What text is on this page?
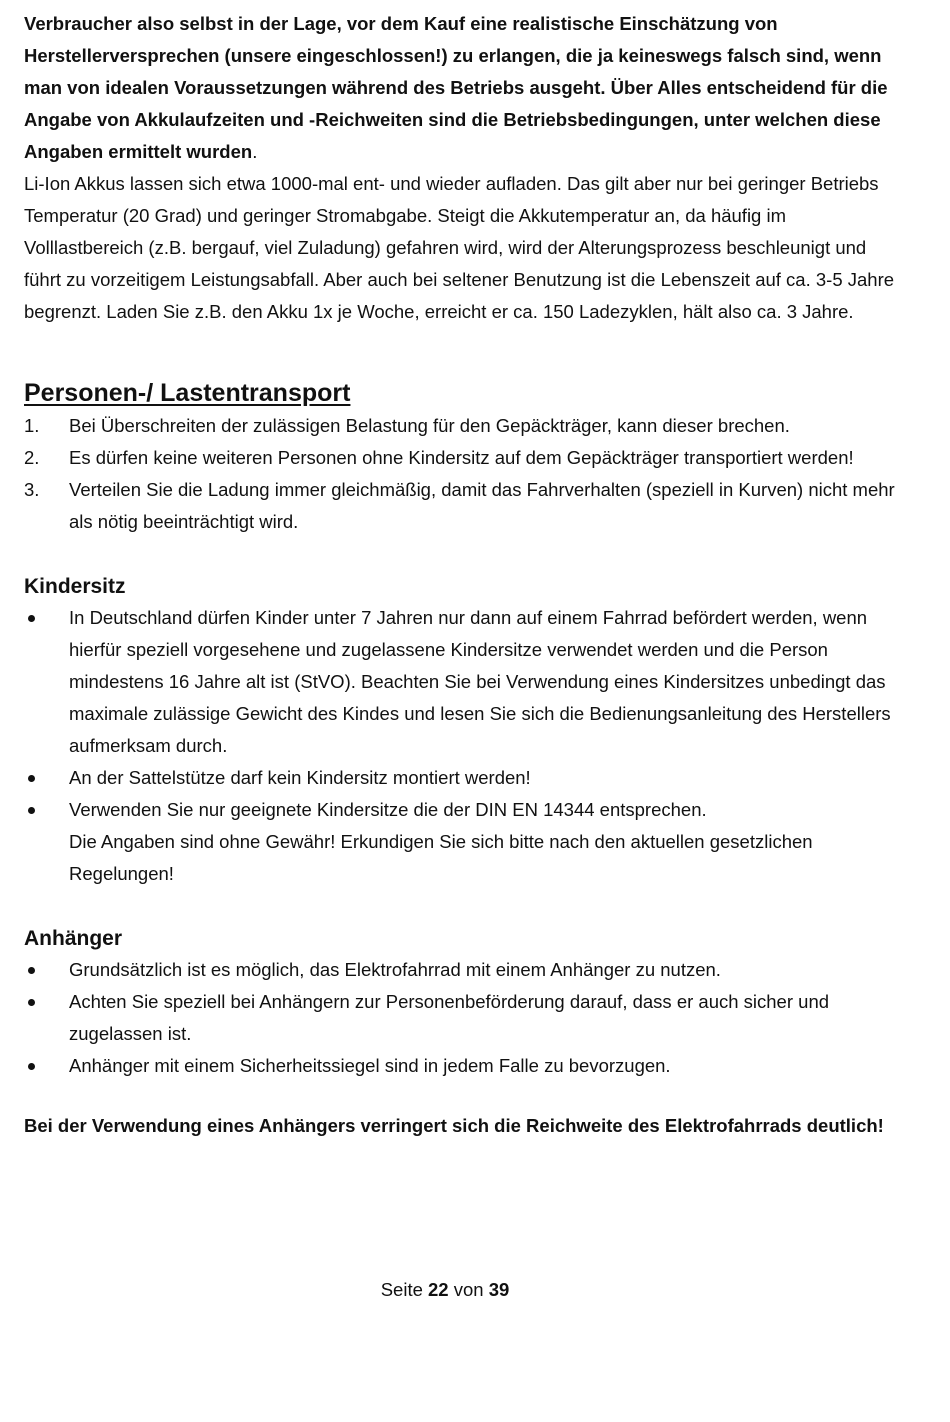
Verbraucher also selbst in der Lage, vor dem Kauf eine realistische Einschätzung von Herstellerversprechen (unsere eingeschlossen!) zu erlangen, die ja keineswegs falsch sind, wenn man von idealen Voraussetzungen während des Betriebs ausgeht. Über Alles entscheidend für die Angabe von Akkulaufzeiten und -Reichweiten sind die Betriebsbedingungen, unter welchen diese Angaben ermittelt wurden.
Li-Ion Akkus lassen sich etwa 1000-mal ent- und wieder aufladen. Das gilt aber nur bei geringer Betriebs Temperatur (20 Grad) und geringer Stromabgabe. Steigt die Akkutemperatur an, da häufig im Volllastbereich (z.B. bergauf, viel Zuladung) gefahren wird, wird der Alterungsprozess beschleunigt und führt zu vorzeitigem Leistungsabfall. Aber auch bei seltener Benutzung ist die Lebenszeit auf ca. 3-5 Jahre begrenzt. Laden Sie z.B. den Akku 1x je Woche, erreicht er ca. 150 Ladezyklen, hält also ca. 3 Jahre.

Personen-/ Lastentransport
1.	Bei Überschreiten der zulässigen Belastung für den Gepäckträger, kann dieser brechen.
2.	Es dürfen keine weiteren Personen ohne Kindersitz auf dem Gepäckträger transportiert werden!
3.	Verteilen Sie die Ladung immer gleichmäßig, damit das Fahrverhalten (speziell in Kurven) nicht mehr als nötig beeinträchtigt wird.
Kindersitz
In Deutschland dürfen Kinder unter 7 Jahren nur dann auf einem Fahrrad befördert werden, wenn hierfür speziell vorgesehene und zugelassene Kindersitze verwendet werden und die Person mindestens 16 Jahre alt ist (StVO). Beachten Sie bei Verwendung eines Kindersitzes unbedingt das maximale zulässige Gewicht des Kindes und lesen Sie sich die Bedienungsanleitung des Herstellers aufmerksam durch.
An der Sattelstütze darf kein Kindersitz montiert werden!
Verwenden Sie nur geeignete Kindersitze die der DIN EN 14344 entsprechen.
Die Angaben sind ohne Gewähr! Erkundigen Sie sich bitte nach den aktuellen gesetzlichen Regelungen!
Anhänger
Grundsätzlich ist es möglich, das Elektrofahrrad mit einem Anhänger zu nutzen.
Achten Sie speziell bei Anhängern zur Personenbeförderung darauf, dass er auch sicher und zugelassen ist.
Anhänger mit einem Sicherheitssiegel sind in jedem Falle zu bevorzugen.

Bei der Verwendung eines Anhängers verringert sich die Reichweite des Elektrofahrrads deutlich!

Seite 22 von 39
